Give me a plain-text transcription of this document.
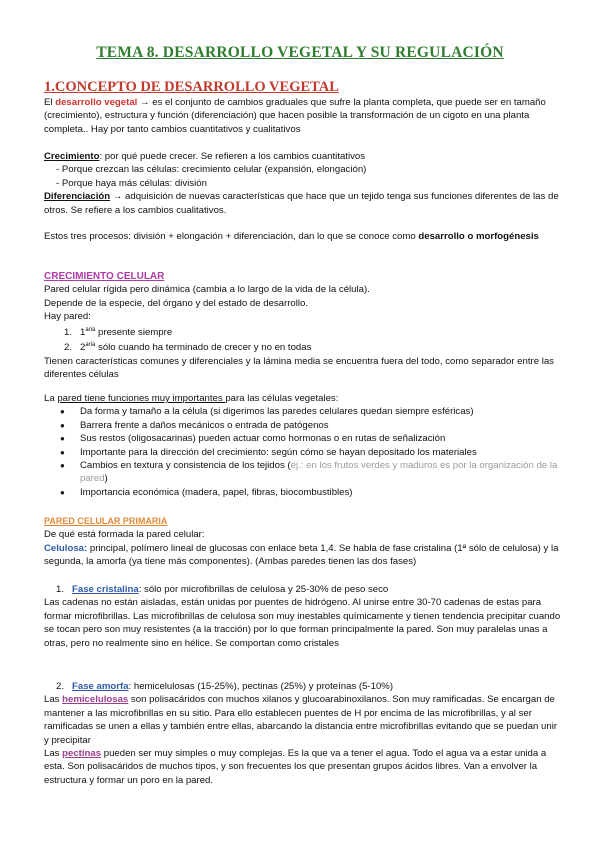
TEMA 8. DESARROLLO VEGETAL Y SU REGULACIÓN
1.CONCEPTO DE DESARROLLO VEGETAL
El desarrollo vegetal → es el conjunto de cambios graduales que sufre la planta completa, que puede ser en tamaño (crecimiento), estructura y función (diferenciación) que hacen posible la transformación de un cigoto en una planta completa.. Hay por tanto cambios cuantitativos y cualitativos
Crecimiento: por qué puede crecer. Se refieren a los cambios cuantitativos
- Porque crezcan las células: crecimiento celular (expansión, elongación)
- Porque haya más células: división
Diferenciación → adquisición de nuevas características que hace que un tejido tenga sus funciones diferentes de las de otros. Se refiere a los cambios cualitativos.
Estos tres procesos: división + elongación + diferenciación, dan lo que se conoce como desarrollo o morfogénesis
CRECIMIENTO CELULAR
Pared celular rígida pero dinámica (cambia a lo largo de la vida de la célula).
Depende de la especie, del órgano y del estado de desarrollo.
Hay pared:
1. $1^{aria}$ presente siempre
2. $2^{aria}$ sólo cuando ha terminado de crecer y no en todas
Tienen características comunes y diferenciales y la lámina media se encuentra fuera del todo, como separador entre las diferentes células
La pared tiene funciones muy importantes para las células vegetales:
● Da forma y tamaño a la célula (si digerimos las paredes celulares quedan siempre esféricas)
● Barrera frente a daños mecánicos o entrada de patógenos
● Sus restos (oligosacarinas) pueden actuar como hormonas o en rutas de señalización
● Importante para la dirección del crecimiento: según cómo se hayan depositado los materiales
● Cambios en textura y consistencia de los tejidos (ej.: en los frutos verdes y maduros es por la organización de la pared)
● Importancia económica (madera, papel, fibras, biocombustibles)
PARED CELULAR PRIMARIA
De qué está formada la pared celular:
Celulosa: principal, polímero lineal de glucosas con enlace beta 1,4. Se habla de fase cristalina (1ª sólo de celulosa) y la segunda, la amorfa (ya tiene más componentes). (Ambas paredes tienen las dos fases)
1. Fase cristalina: sólo por microfibrillas de celulosa y 25-30% de peso seco
Las cadenas no están aisladas, están unidas por puentes de hidrógeno. Al unirse entre 30-70 cadenas de estas para formar microfibrillas. Las microfibrillas de celulosa son muy inestables químicamente y tienen tendencia precipitar cuando se tocan pero son muy resistentes (a la tracción) por lo que forman principalmente la pared. Son muy paralelas unas a otras, pero no realmente sino en hélice. Se comportan como cristales
2. Fase amorfa: hemicelulosas (15-25%), pectinas (25%) y proteínas (5-10%)
Las hemicelulosas son polisacáridos con muchos xilanos y glucoarabinoxilanos. Son muy ramificadas. Se encargan de mantener a las microfibrillas en su sitio. Para ello establecen puentes de H por encima de las microfibrillas, y al ser ramificadas se unen a ellas y también entre ellas, abarcando la distancia entre microfibrillas evitando que se puedan unir y precipitar
Las pectinas pueden ser muy simples o muy complejas. Es la que va a tener el agua. Todo el agua va a estar unida a esta. Son polisacáridos de muchos tipos, y son frecuentes los que presentan grupos ácidos libres. Van a envolver la estructura y formar un poro en la pared.
